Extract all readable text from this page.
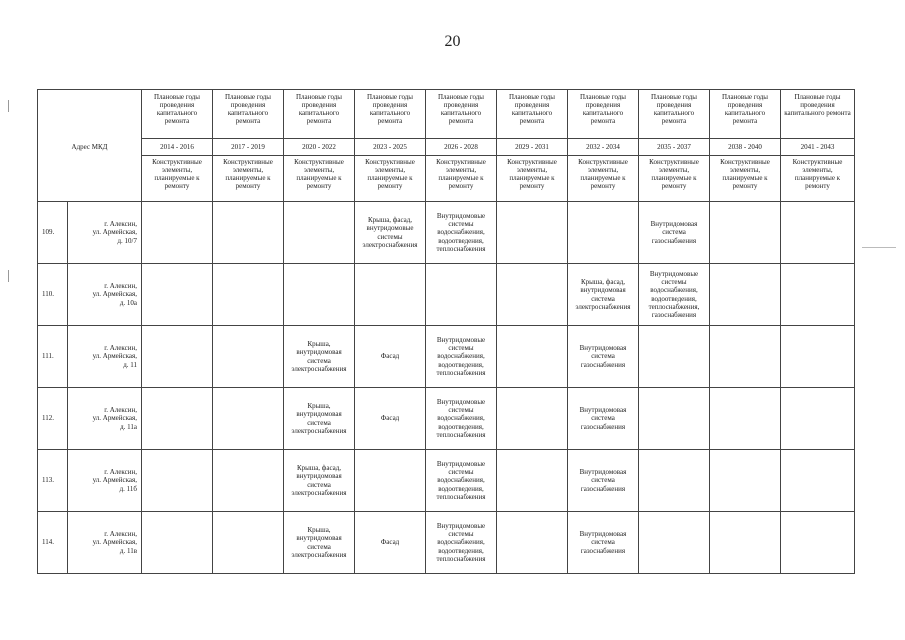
20
		Плановые годы проведения капитального ремонта	Плановые годы проведения капитального ремонта	Плановые годы проведения капитального ремонта	Плановые годы проведения капитального ремонта	Плановые годы проведения капитального ремонта	Плановые годы проведения капитального ремонта	Плановые годы проведения капитального ремонта	Плановые годы проведения капитального ремонта	Плановые годы проведения капитального ремонта	Плановые годы проведения капитального ремонта
Адрес МКД		2014 - 2016	2017 - 2019	2020 - 2022	2023 - 2025	2026 - 2028	2029 - 2031	2032 - 2034	2035 - 2037	2038 - 2040	2041 - 2043
		Конструктивные элементы, планируемые к ремонту	Конструктивные элементы, планируемые к ремонту	Конструктивные элементы, планируемые к ремонту	Конструктивные элементы, планируемые к ремонту	Конструктивные элементы, планируемые к ремонту	Конструктивные элементы, планируемые к ремонту	Конструктивные элементы, планируемые к ремонту	Конструктивные элементы, планируемые к ремонту	Конструктивные элементы, планируемые к ремонту	Конструктивные элементы, планируемые к ремонту
109.	г. Алексин,
ул. Армейская,
д. 10/7				Крыша, фасад, внутридомовые системы электроснабжения	Внутридомовые системы водоснабжения, водоотведения, теплоснабжения			Внутридомовая система газоснабжения		
110.	г. Алексин,
ул. Армейская,
д. 10а							Крыша, фасад, внутридомовая система электроснабжения	Внутридомовые системы водоснабжения, водоотведения, теплоснабжения, газоснабжения		
111.	г. Алексин,
ул. Армейская,
д. 11			Крыша, внутридомовая система электроснабжения	Фасад	Внутридомовые системы водоснабжения, водоотведения, теплоснабжения		Внутридомовая система газоснабжения			
112.	г. Алексин,
ул. Армейская,
д. 11а			Крыша, внутридомовая система электроснабжения	Фасад	Внутридомовые системы водоснабжения, водоотведения, теплоснабжения		Внутридомовая система газоснабжения			
113.	г. Алексин,
ул. Армейская,
д. 11б			Крыша, фасад, внутридомовая система электроснабжения		Внутридомовые системы водоснабжения, водоотведения, теплоснабжения		Внутридомовая система газоснабжения			
114.	г. Алексин,
ул. Армейская,
д. 11в			Крыша, внутридомовая система электроснабжения	Фасад	Внутридомовые системы водоснабжения, водоотведения, теплоснабжения		Внутридомовая система газоснабжения			
